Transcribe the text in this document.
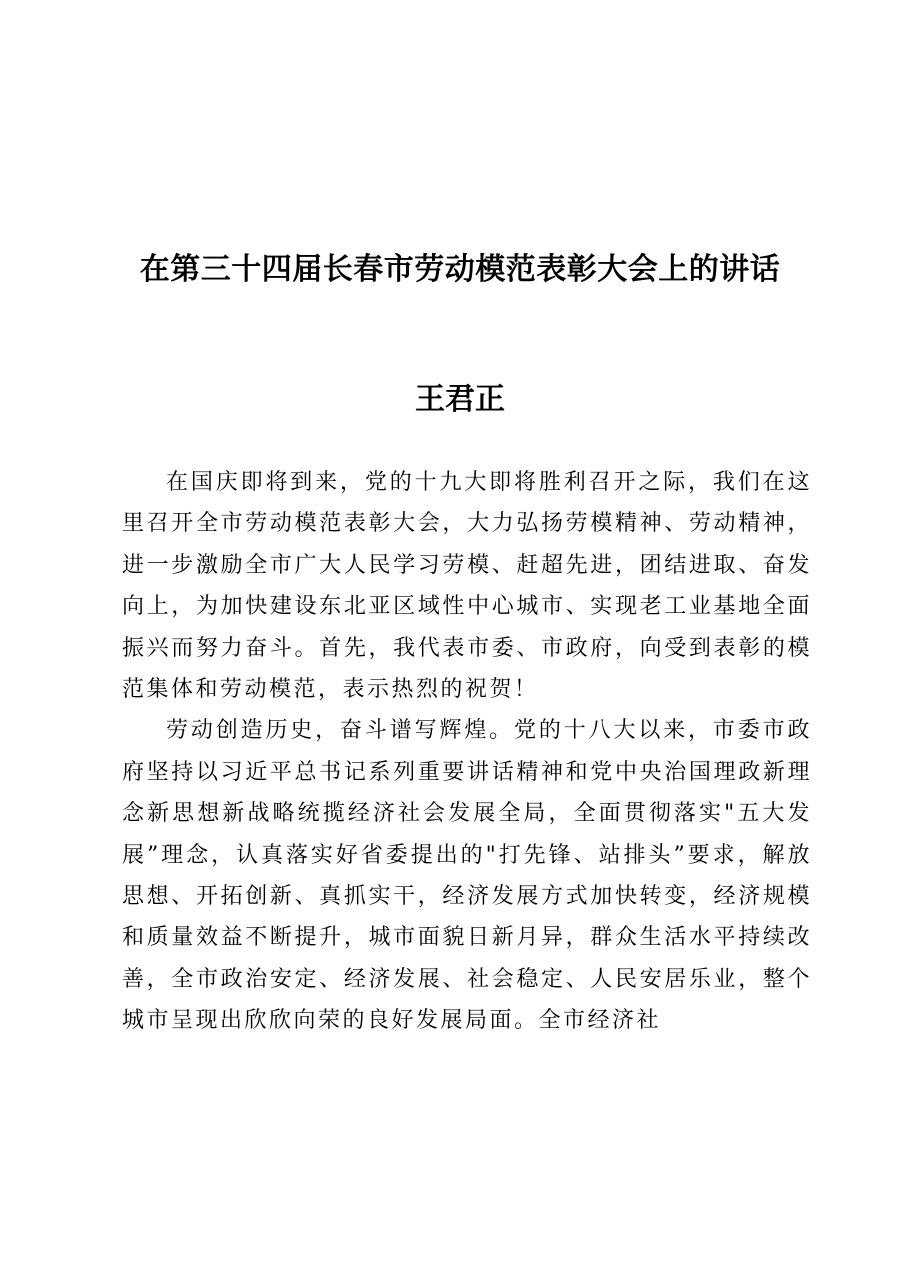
在第三十四届长春市劳动模范表彰大会上的讲话
王君正

在国庆即将到来，党的十九大即将胜利召开之际，我们在这里召开全市劳动模范表彰大会，大力弘扬劳模精神、劳动精神，进一步激励全市广大人民学习劳模、赶超先进，团结进取、奋发向上，为加快建设东北亚区域性中心城市、实现老工业基地全面振兴而努力奋斗。首先，我代表市委、市政府，向受到表彰的模范集体和劳动模范，表示热烈的祝贺！

劳动创造历史，奋斗谱写辉煌。党的十八大以来，市委市政府坚持以习近平总书记系列重要讲话精神和党中央治国理政新理念新思想新战略统揽经济社会发展全局，全面贯彻落实"五大发展”理念，认真落实好省委提出的"打先锋、站排头”要求，解放思想、开拓创新、真抓实干，经济发展方式加快转变，经济规模和质量效益不断提升，城市面貌日新月异，群众生活水平持续改善，全市政治安定、经济发展、社会稳定、人民安居乐业，整个城市呈现出欣欣向荣的良好发展局面。全市经济社
